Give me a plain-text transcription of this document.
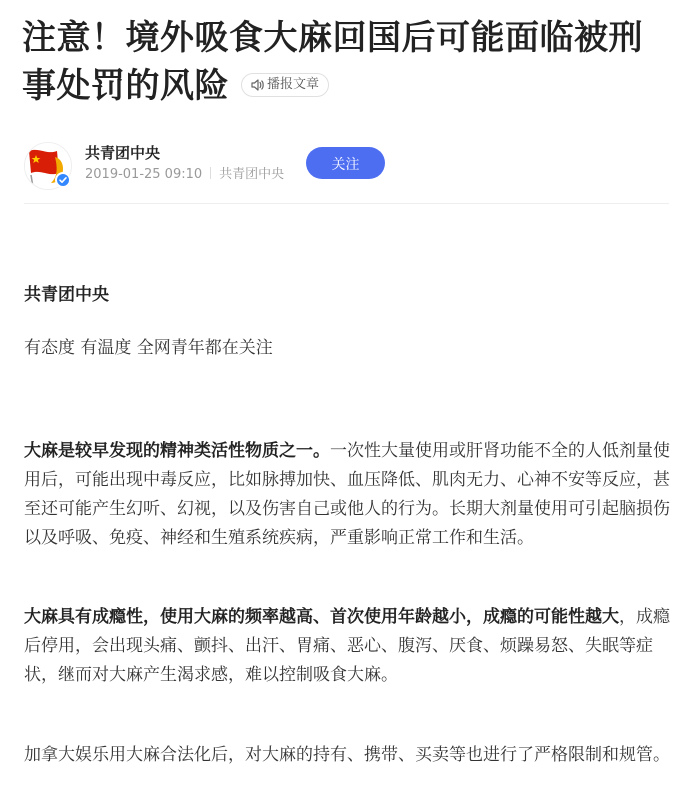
注意！境外吸食大麻回国后可能面临被刑事处罚的风险	播报文章
共青团中央
2019-01-25 09:10 共青团中央
关注

共青团中央

有态度 有温度 全网青年都在关注

大麻是较早发现的精神类活性物质之一。一次性大量使用或肝肾功能不全的人低剂量使用后，可能出现中毒反应，比如脉搏加快、血压降低、肌肉无力、心神不安等反应，甚至还可能产生幻听、幻视，以及伤害自己或他人的行为。长期大剂量使用可引起脑损伤以及呼吸、免疫、神经和生殖系统疾病，严重影响正常工作和生活。

大麻具有成瘾性，使用大麻的频率越高、首次使用年龄越小，成瘾的可能性越大，成瘾后停用，会出现头痛、颤抖、出汗、胃痛、恶心、腹泻、厌食、烦躁易怒、失眠等症状，继而对大麻产生渴求感，难以控制吸食大麻。

加拿大娱乐用大麻合法化后，对大麻的持有、携带、买卖等也进行了严格限制和规管。
